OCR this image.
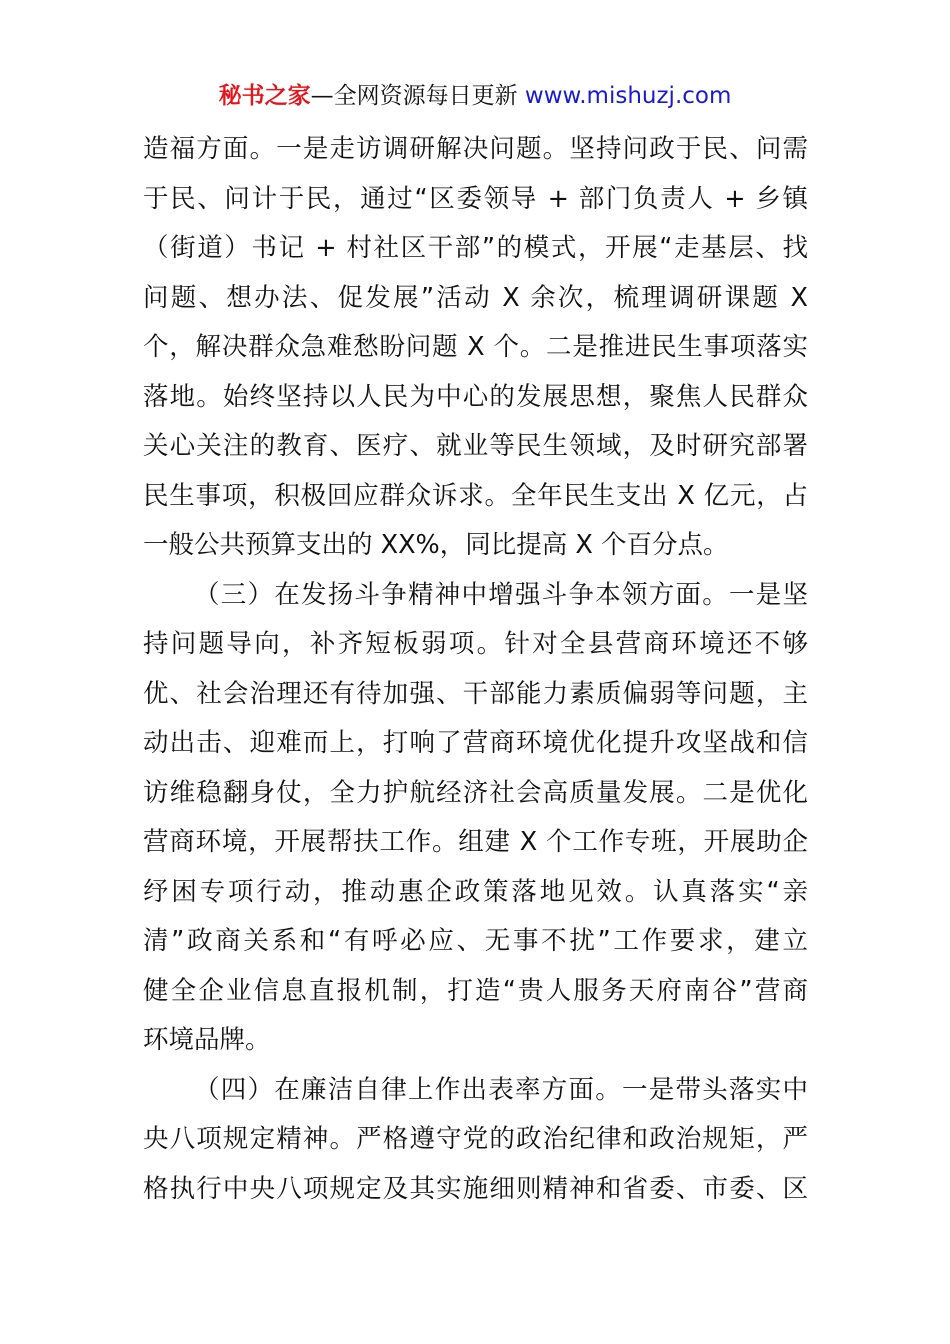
秘书之家—全网资源每日更新 www.mishuzj.com
造福方面。一是走访调研解决问题。坚持问政于民、问需
于民、问计于民，通过“区委领导 + 部门负责人 + 乡镇
（街道）书记 + 村社区干部”的模式，开展“走基层、找
问题、想办法、促发展”活动 X 余次，梳理调研课题 X
个，解决群众急难愁盼问题 X 个。二是推进民生事项落实
落地。始终坚持以人民为中心的发展思想，聚焦人民群众
关心关注的教育、医疗、就业等民生领域，及时研究部署
民生事项，积极回应群众诉求。全年民生支出 X 亿元，占
一般公共预算支出的 XX%，同比提高 X 个百分点。
（三）在发扬斗争精神中增强斗争本领方面。一是坚
持问题导向，补齐短板弱项。针对全县营商环境还不够
优、社会治理还有待加强、干部能力素质偏弱等问题，主
动出击、迎难而上，打响了营商环境优化提升攻坚战和信
访维稳翻身仗，全力护航经济社会高质量发展。二是优化
营商环境，开展帮扶工作。组建 X 个工作专班，开展助企
纾困专项行动，推动惠企政策落地见效。认真落实“亲
清”政商关系和“有呼必应、无事不扰”工作要求，建立
健全企业信息直报机制，打造“贵人服务天府南谷”营商
环境品牌。
（四）在廉洁自律上作出表率方面。一是带头落实中
央八项规定精神。严格遵守党的政治纪律和政治规矩，严
格执行中央八项规定及其实施细则精神和省委、市委、区
